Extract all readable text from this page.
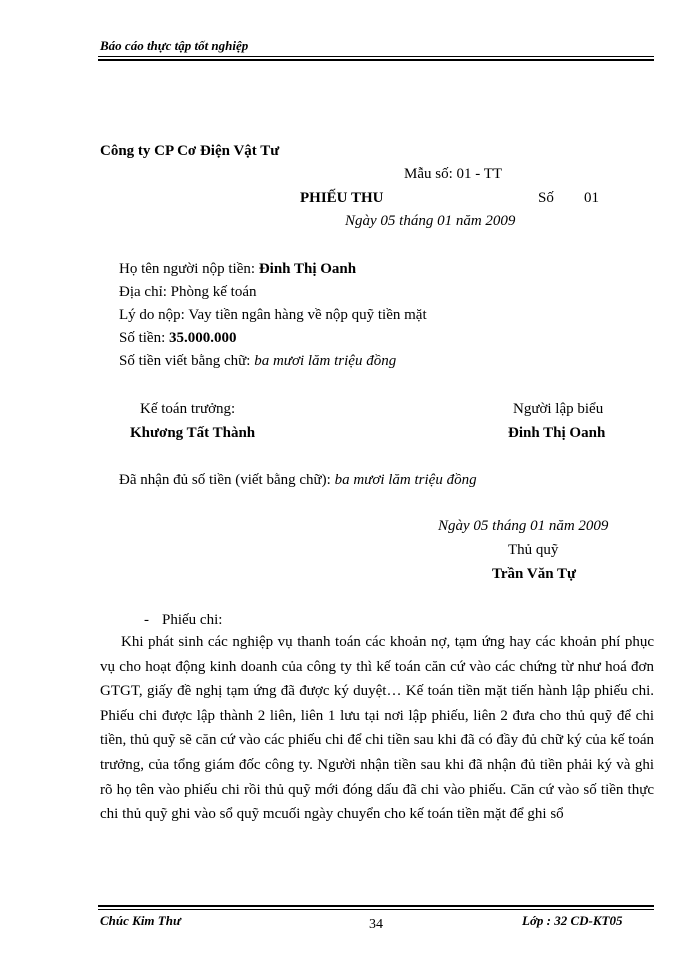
Báo cáo thực tập tốt nghiệp
Công ty CP Cơ Điện Vật Tư
Mẫu số: 01 - TT
PHIẾU THU	Số 01
Ngày 05 tháng 01 năm 2009
Họ tên người nộp tiền: Đinh Thị Oanh
Địa chỉ: Phòng kế toán
Lý do nộp: Vay tiền ngân hàng về nộp quỹ tiền mặt
Số tiền: 35.000.000
Số tiền viết bằng chữ: ba mươi lăm triệu đồng
Kế toán trưởng:
Khương Tất Thành
Người lập biểu
Đinh Thị Oanh
Đã nhận đủ số tiền (viết bằng chữ): ba mươi lăm triệu đồng
Ngày 05 tháng 01 năm 2009
Thủ quỹ
Trần Văn Tự
- Phiếu chi:
Khi phát sinh các nghiệp vụ thanh toán các khoản nợ, tạm ứng hay các khoản phí phục vụ cho hoạt động kinh doanh của công ty thì kế toán căn cứ vào các chứng từ như hoá đơn GTGT, giấy đề nghị tạm ứng đã được ký duyệt… Kế toán tiền mặt tiến hành lập phiếu chi. Phiếu chi được lập thành 2 liên, liên 1 lưu tại nơi lập phiếu, liên 2 đưa cho thủ quỹ để chi tiền, thủ quỹ sẽ căn cứ vào các phiếu chi để chi tiền sau khi đã có đầy đủ chữ ký của kế toán trưởng, của tổng giám đốc công ty. Người nhận tiền sau khi đã nhận đủ tiền phải ký và ghi rõ họ tên vào phiếu chi rồi thủ quỹ mới đóng dấu đã chi vào phiếu. Căn cứ vào số tiền thực chi thủ quỹ ghi vào sổ quỹ mcuối ngày chuyển cho kế toán tiền mặt để ghi sổ
Chúc Kim Thư	34	Lớp : 32 CD-KT05
